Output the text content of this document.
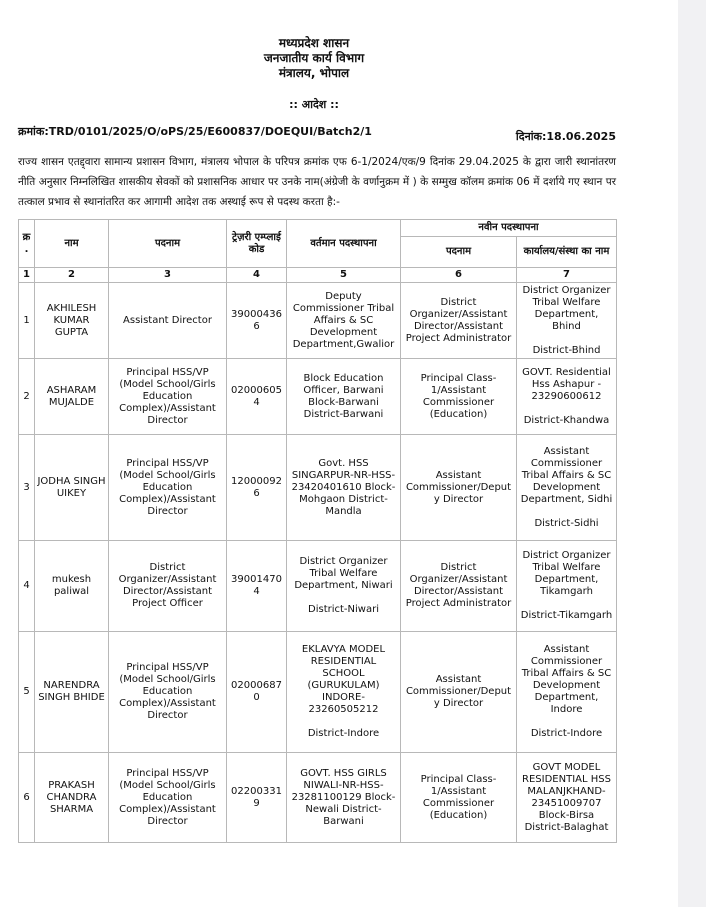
मध्यप्रदेश शासन
जनजातीय कार्य विभाग
मंत्रालय, भोपाल
:: आदेश ::
क्रमांक:TRD/0101/2025/O/oPS/25/E600837/DOEQUI/Batch2/1	दिनांक:18.06.2025
राज्य शासन एतद्द्वारा सामान्य प्रशासन विभाग, मंत्रालय भोपाल के परिपत्र क्रमांक एफ 6-1/2024/एक/9 दिनांक 29.04.2025 के द्वारा जारी स्थानांतरण नीति अनुसार निम्नलिखित शासकीय सेवकों को प्रशासनिक आधार पर उनके नाम(अंग्रेजी के वर्णानुक्रम में ) के सम्मुख कॉलम क्रमांक 06 में दर्शाये गए स्थान पर तत्काल प्रभाव से स्थानांतरित कर आगामी आदेश तक अस्थाई रूप से पदस्थ करता है:-
क्र.	नाम	पदनाम	ट्रेज़री एम्प्लाई कोड	वर्तमान पदस्थापना	नवीन पदस्थापना	
					पदनाम	कार्यालय/संस्था का नाम
1	2	3	4	5	6	7
1	AKHILESH KUMAR GUPTA	Assistant Director	390004366	Deputy Commissioner Tribal Affairs & SC Development Department,Gwalior	District Organizer/Assistant Director/Assistant Project Administrator	District Organizer Tribal Welfare Department, Bhind
District-Bhind

2	ASHARAM MUJALDE	Principal HSS/VP (Model School/Girls Education Complex)/Assistant Director	020006054	Block Education Officer, Barwani Block-Barwani District-Barwani	Principal Class-1/Assistant Commissioner (Education)	GOVT. Residential Hss Ashapur - 23290600612
District-Khandwa

3	JODHA SINGH UIKEY	Principal HSS/VP (Model School/Girls Education Complex)/Assistant Director	120000926	Govt. HSS SINGARPUR-NR-HSS-23420401610 Block-Mohgaon District-Mandla	Assistant Commissioner/Deputy Director	Assistant Commissioner Tribal Affairs & SC Development Department, Sidhi
District-Sidhi

4	mukesh paliwal	District Organizer/Assistant Director/Assistant Project Officer	390014704	District Organizer Tribal Welfare Department, Niwari
District-Niwari	District Organizer/Assistant Director/Assistant Project Administrator	District Organizer Tribal Welfare Department, Tikamgarh
District-Tikamgarh

5	NARENDRA SINGH BHIDE	Principal HSS/VP (Model School/Girls Education Complex)/Assistant Director	020006870	EKLAVYA MODEL RESIDENTIAL SCHOOL (GURUKULAM) INDORE-23260505212
District-Indore	Assistant Commissioner/Deputy Director	Assistant Commissioner Tribal Affairs & SC Development Department, Indore
District-Indore

6	PRAKASH CHANDRA SHARMA	Principal HSS/VP (Model School/Girls Education Complex)/Assistant Director	022003319	GOVT. HSS GIRLS NIWALI-NR-HSS-23281100129 Block-Newali District-Barwani	Principal Class-1/Assistant Commissioner (Education)	GOVT MODEL RESIDENTIAL HSS MALANJKHAND-23451009707 Block-Birsa District-Balaghat
